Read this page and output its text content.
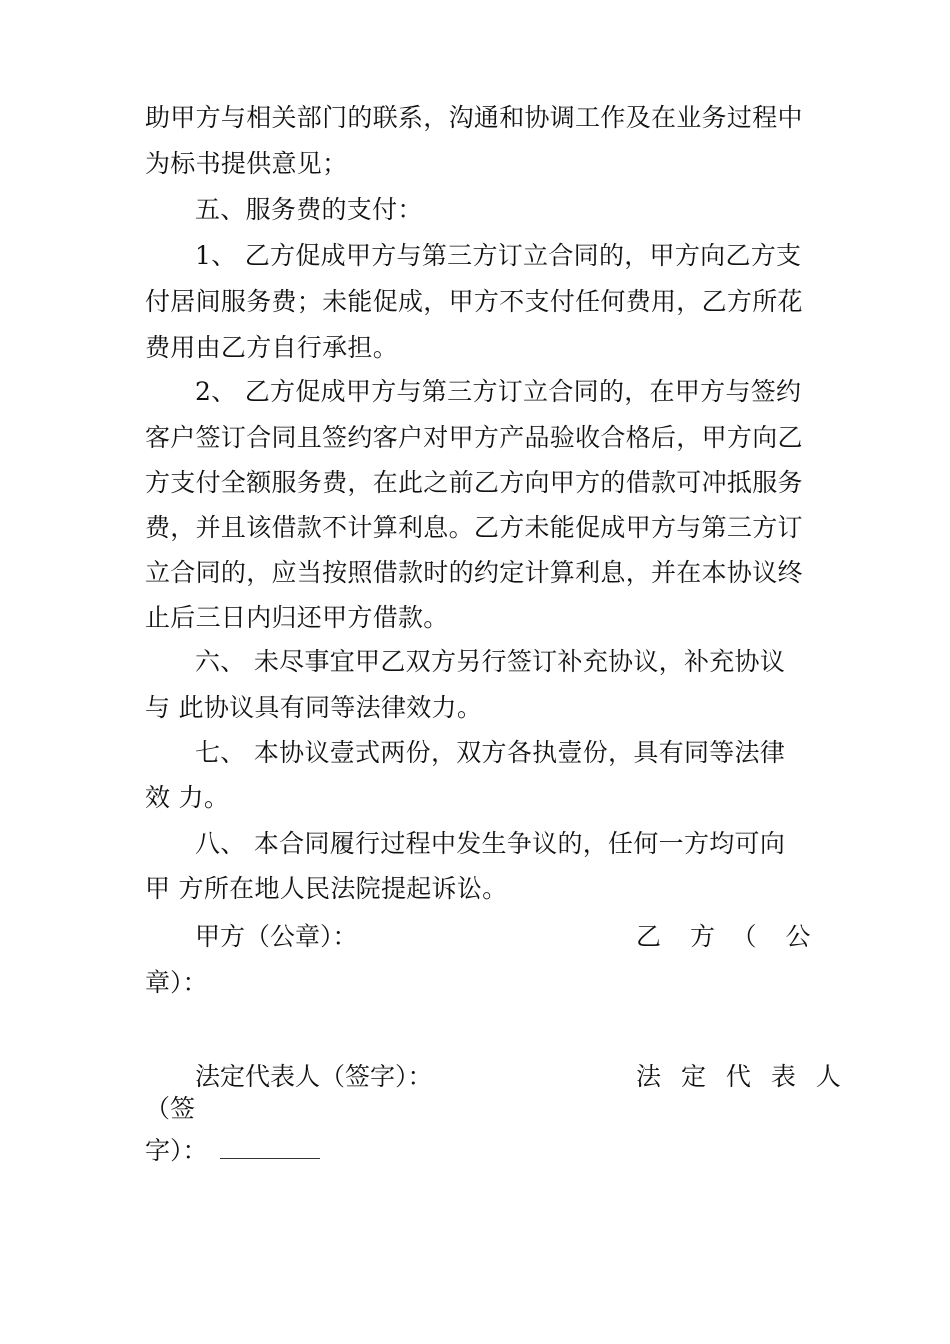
助甲方与相关部门的联系，沟通和协调工作及在业务过程中
为标书提供意见；
五、服务费的支付：
1、 乙方促成甲方与第三方订立合同的，甲方向乙方支
付居间服务费；未能促成，甲方不支付任何费用，乙方所花
费用由乙方自行承担。
2、 乙方促成甲方与第三方订立合同的，在甲方与签约
客户签订合同且签约客户对甲方产品验收合格后，甲方向乙
方支付全额服务费，在此之前乙方向甲方的借款可冲抵服务
费，并且该借款不计算利息。乙方未能促成甲方与第三方订
立合同的，应当按照借款时的约定计算利息，并在本协议终
止后三日内归还甲方借款。
六、 未尽事宜甲乙双方另行签订补充协议，补充协议
与 此协议具有同等法律效力。
七、 本协议壹式两份，双方各执壹份，具有同等法律
效 力。
八、 本合同履行过程中发生争议的，任何一方均可向
甲 方所在地人民法院提起诉讼。
甲方（公章）：	乙　方　（　公
章）：
法定代表人（签字）：	法 定 代 表 人
（签
字）：
